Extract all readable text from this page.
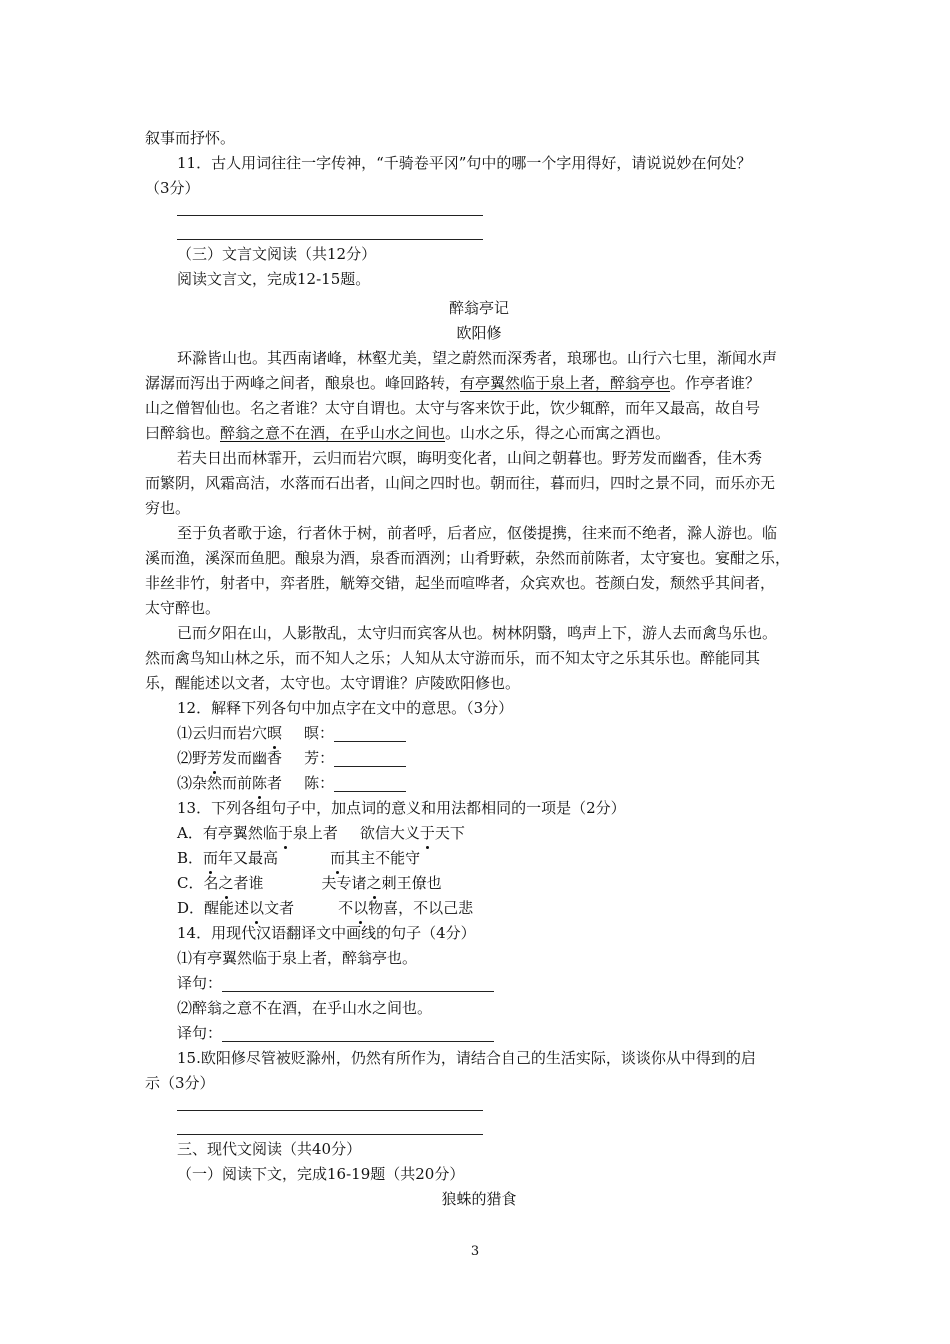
叙事而抒怀。

11．古人用词往往一字传神，“千骑卷平冈”句中的哪一个字用得好，请说说妙在何处？

（3分）

（三）文言文阅读（共12分）

阅读文言文，完成12-15题。

醉翁亭记

欧阳修

环滁皆山也。其西南诸峰，林壑尤美，望之蔚然而深秀者，琅琊也。山行六七里，渐闻水声

潺潺而泻出于两峰之间者，酿泉也。峰回路转，有亭翼然临于泉上者，醉翁亭也。作亭者谁？

山之僧智仙也。名之者谁？太守自谓也。太守与客来饮于此，饮少辄醉，而年又最高，故自号

曰醉翁也。醉翁之意不在酒，在乎山水之间也。山水之乐，得之心而寓之酒也。

若夫日出而林霏开，云归而岩穴暝，晦明变化者，山间之朝暮也。野芳发而幽香，佳木秀

而繁阴，风霜高洁，水落而石出者，山间之四时也。朝而往，暮而归，四时之景不同，而乐亦无

穷也。

至于负者歌于途，行者休于树，前者呼，后者应，伛偻提携，往来而不绝者，滁人游也。临

溪而渔，溪深而鱼肥。酿泉为酒，泉香而酒洌；山肴野蔌，杂然而前陈者，太守宴也。宴酣之乐，

非丝非竹，射者中，弈者胜，觥筹交错，起坐而喧哗者，众宾欢也。苍颜白发，颓然乎其间者，

太守醉也。

已而夕阳在山，人影散乱，太守归而宾客从也。树林阴翳，鸣声上下，游人去而禽鸟乐也。

然而禽鸟知山林之乐，而不知人之乐；人知从太守游而乐，而不知太守之乐其乐也。醉能同其

乐，醒能述以文者，太守也。太守谓谁？庐陵欧阳修也。

12．解释下列各句中加点字在文中的意思。（3分）

⑴云归而岩穴暝 暝：

⑵野芳发而幽香 芳：

⑶杂然而前陈者 陈：

13．下列各组句子中，加点词的意义和用法都相同的一项是（2分）

A．有亭翼然临于泉上者 欲信大义于天下

B．而年又最高	而其主不能守

C．名之者谁	夫专诸之刺王僚也

D．醒能述以文者	不以物喜，不以己悲

14．用现代汉语翻译文中画线的句子（4分）

⑴有亭翼然临于泉上者，醉翁亭也。

译句：

⑵醉翁之意不在酒，在乎山水之间也。

译句：

15.欧阳修尽管被贬滁州，仍然有所作为，请结合自己的生活实际，谈谈你从中得到的启

示（3分）

三、现代文阅读（共40分）

（一）阅读下文，完成16-19题（共20分）

狼蛛的猎食

3
